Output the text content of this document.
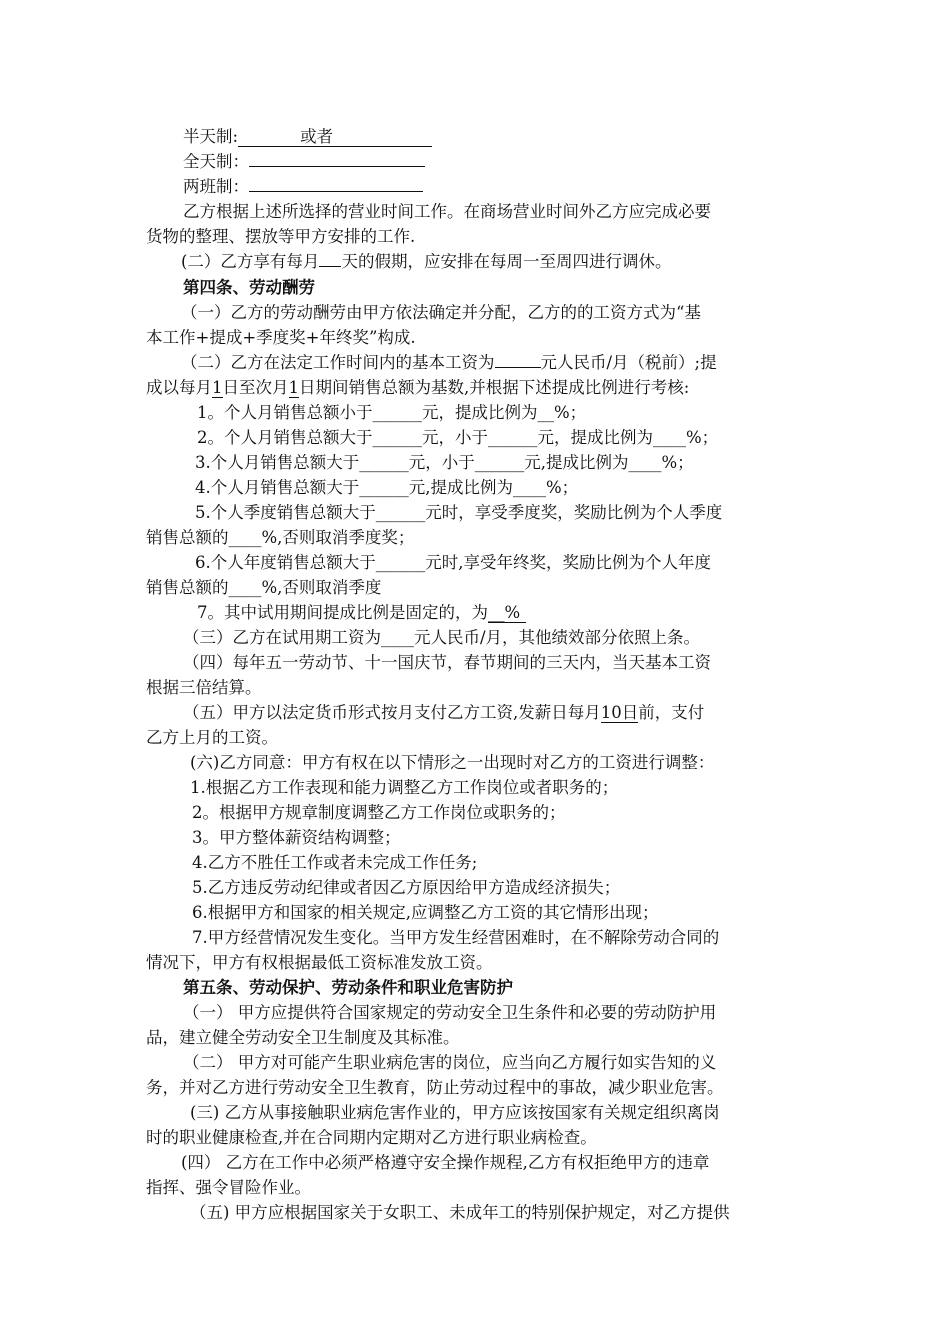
半天制:	或者
全天制：
两班制：
乙方根据上述所选择的营业时间工作。在商场营业时间外乙方应完成必要
货物的整理、摆放等甲方安排的工作.
(二）乙方享有每月 天的假期，应安排在每周一至周四进行调休。
第四条、劳动酬劳
（一）乙方的劳动酬劳由甲方依法确定并分配，乙方的的工资方式为“基
本工作+提成+季度奖+年终奖”构成.
（二）乙方在法定工作时间内的基本工资为	元人民币/月（税前）;提
成以每月1日至次月1日期间销售总额为基数,并根据下述提成比例进行考核:
1。个人月销售总额小于______元，提成比例为__%；
2。个人月销售总额大于______元，小于______元，提成比例为____%；
3.个人月销售总额大于______元，小于______元,提成比例为____%；
4.个人月销售总额大于______元,提成比例为____%；
5.个人季度销售总额大于______元时，享受季度奖，奖励比例为个人季度
销售总额的____%,否则取消季度奖；
6.个人年度销售总额大于______元时,享受年终奖，奖励比例为个人年度
销售总额的____%,否则取消季度
7。其中试用期间提成比例是固定的，为__%
（三）乙方在试用期工资为____元人民币/月，其他绩效部分依照上条。
（四）每年五一劳动节、十一国庆节，春节期间的三天内，当天基本工资
根据三倍结算。
（五）甲方以法定货币形式按月支付乙方工资,发薪日每月10日前，支付
乙方上月的工资。
(六)乙方同意：甲方有权在以下情形之一出现时对乙方的工资进行调整：
1.根据乙方工作表现和能力调整乙方工作岗位或者职务的；
2。根据甲方规章制度调整乙方工作岗位或职务的；
3。甲方整体薪资结构调整；
4.乙方不胜任工作或者未完成工作任务;
5.乙方违反劳动纪律或者因乙方原因给甲方造成经济损失；
6.根据甲方和国家的相关规定,应调整乙方工资的其它情形出现；
7.甲方经营情况发生变化。当甲方发生经营困难时，在不解除劳动合同的
情况下，甲方有权根据最低工资标准发放工资。
第五条、劳动保护、劳动条件和职业危害防护
（一） 甲方应提供符合国家规定的劳动安全卫生条件和必要的劳动防护用
品，建立健全劳动安全卫生制度及其标准。
（二） 甲方对可能产生职业病危害的岗位，应当向乙方履行如实告知的义
务，并对乙方进行劳动安全卫生教育，防止劳动过程中的事故，减少职业危害。
(三) 乙方从事接触职业病危害作业的，甲方应该按国家有关规定组织离岗
时的职业健康检查,并在合同期内定期对乙方进行职业病检查。
(四） 乙方在工作中必须严格遵守安全操作规程,乙方有权拒绝甲方的违章
指挥、强令冒险作业。
（五) 甲方应根据国家关于女职工、未成年工的特别保护规定，对乙方提供
